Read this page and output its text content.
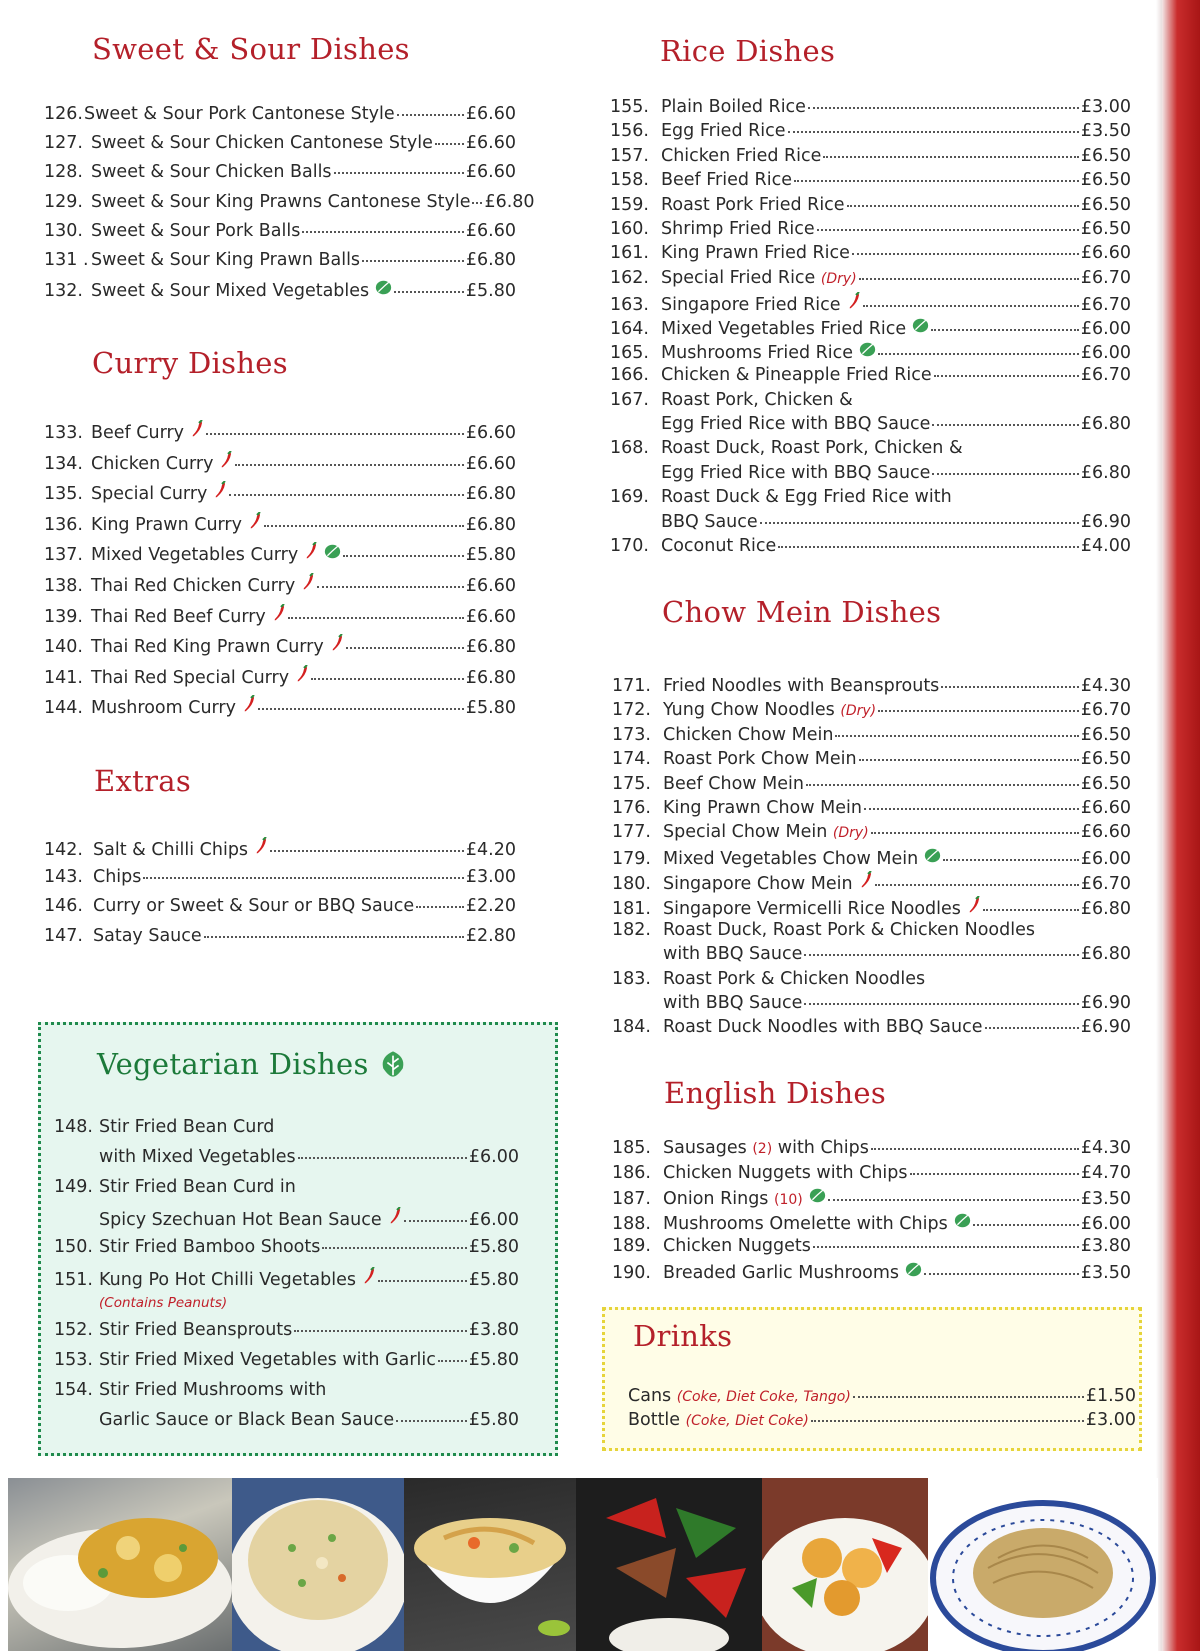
Sweet & Sour Dishes
126. Sweet & Sour Pork Cantonese Style	£6.60
127. Sweet & Sour Chicken Cantonese Style £6.60
128. Sweet & Sour Chicken Balls	£6.60
129. Sweet & Sour King Prawns Cantonese Style £6.80
130. Sweet & Sour Pork Balls	£6.60
131 . Sweet & Sour King Prawn Balls	£6.80
132. Sweet & Sour Mixed Vegetables	£5.80
Curry Dishes
133. Beef Curry	£6.60
134. Chicken Curry	£6.60
135. Special Curry	£6.80
136. King Prawn Curry	£6.80
137. Mixed Vegetables Curry	£5.80
138. Thai Red Chicken Curry	£6.60
139. Thai Red Beef Curry	£6.60
140. Thai Red King Prawn Curry	£6.80
141. Thai Red Special Curry	£6.80
144. Mushroom Curry	£5.80
Extras
142. Salt & Chilli Chips	£4.20
143. Chips	£3.00
146. Curry or Sweet & Sour or BBQ Sauce	£2.20
147. Satay Sauce	£2.80
Vegetarian Dishes
148. Stir Fried Bean Curd
with Mixed Vegetables	£6.00
149. Stir Fried Bean Curd in
Spicy Szechuan Hot Bean Sauce	£6.00
150. Stir Fried Bamboo Shoots	£5.80
151. Kung Po Hot Chilli Vegetables	£5.80
(Contains Peanuts)
152. Stir Fried Beansprouts	£3.80
153. Stir Fried Mixed Vegetables with Garlic £5.80
154. Stir Fried Mushrooms with
Garlic Sauce or Black Bean Sauce	£5.80
Rice Dishes
155. Plain Boiled Rice	£3.00
156. Egg Fried Rice	£3.50
157. Chicken Fried Rice	£6.50
158. Beef Fried Rice	£6.50
159. Roast Pork Fried Rice	£6.50
160. Shrimp Fried Rice	£6.50
161. King Prawn Fried Rice	£6.60
162. Special Fried Rice
(Dry)	£6.70
163. Singapore Fried Rice	£6.70
164. Mixed Vegetables Fried Rice	£6.00
165. Mushrooms Fried Rice	£6.00
166. Chicken & Pineapple Fried Rice	£6.70
167. Roast Pork, Chicken &
Egg Fried Rice with BBQ Sauce	£6.80
168. Roast Duck, Roast Pork, Chicken &
Egg Fried Rice with BBQ Sauce	£6.80
169. Roast Duck & Egg Fried Rice with
BBQ Sauce	£6.90
170. Coconut Rice	£4.00
Chow Mein Dishes
171. Fried Noodles with Beansprouts	£4.30
172. Yung Chow Noodles
(Dry)	£6.70
173. Chicken Chow Mein	£6.50
174. Roast Pork Chow Mein	£6.50
175. Beef Chow Mein	£6.50
176. King Prawn Chow Mein	£6.60
177. Special Chow Mein
(Dry)	£6.60
179. Mixed Vegetables Chow Mein	£6.00
180. Singapore Chow Mein	£6.70
181. Singapore Vermicelli Rice Noodles	£6.80
182. Roast Duck, Roast Pork & Chicken Noodles
with BBQ Sauce	£6.80
183. Roast Pork & Chicken Noodles
with BBQ Sauce	£6.90
184. Roast Duck Noodles with BBQ Sauce	£6.90
English Dishes
185. Sausages
(2)
with Chips	£4.30
186. Chicken Nuggets with Chips	£4.70
187. Onion Rings
(10)	£3.50
188. Mushrooms Omelette with Chips	£6.00
189. Chicken Nuggets	£3.80
190. Breaded Garlic Mushrooms	£3.50
Drinks
Cans
(Coke, Diet Coke, Tango)	£1.50
Bottle
(Coke, Diet Coke)	£3.00
